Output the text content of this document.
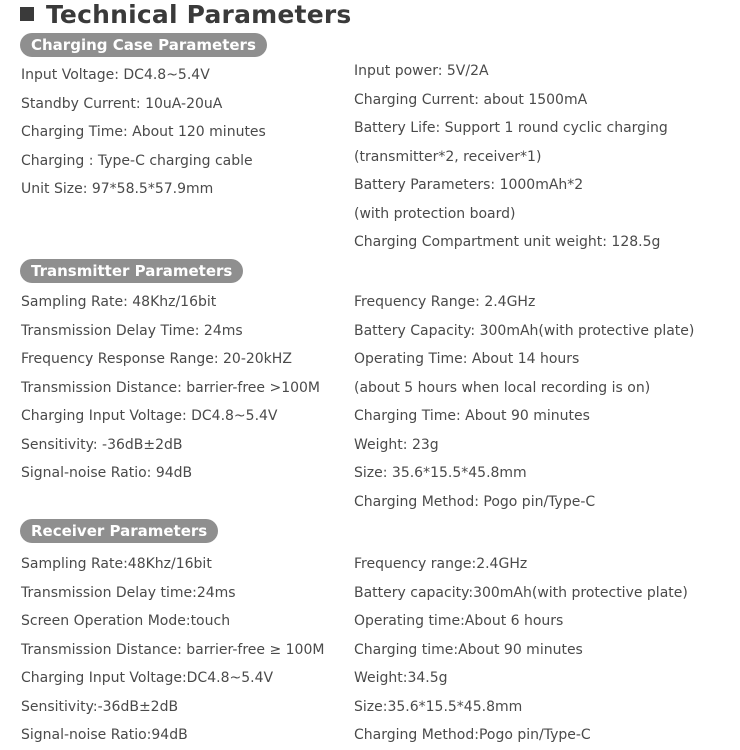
Technical Parameters
Charging Case Parameters
Input Voltage: DC4.8~5.4V
Standby Current: 10uA-20uA
Charging Time: About 120 minutes
Charging : Type-C charging cable
Unit Size: 97*58.5*57.9mm
Input power: 5V/2A
Charging Current: about 1500mA
Battery Life: Support 1 round cyclic charging
(transmitter*2, receiver*1)
Battery Parameters: 1000mAh*2
(with protection board)
Charging Compartment unit weight: 128.5g
Transmitter Parameters
Sampling Rate: 48Khz/16bit
Transmission Delay Time: 24ms
Frequency Response Range: 20-20kHZ
Transmission Distance: barrier-free >100M
Charging Input Voltage: DC4.8~5.4V
Sensitivity: -36dB±2dB
Signal-noise Ratio: 94dB
Frequency Range: 2.4GHz
Battery Capacity: 300mAh(with protective plate)
Operating Time: About 14 hours
(about 5 hours when local recording is on)
Charging Time: About 90 minutes
Weight: 23g
Size: 35.6*15.5*45.8mm
Charging Method: Pogo pin/Type-C
Receiver Parameters
Sampling Rate:48Khz/16bit
Transmission Delay time:24ms
Screen Operation Mode:touch
Transmission Distance: barrier-free ≥ 100M
Charging Input Voltage:DC4.8~5.4V
Sensitivity:-36dB±2dB
Signal-noise Ratio:94dB
Frequency range:2.4GHz
Battery capacity:300mAh(with protective plate)
Operating time:About 6 hours
Charging time:About 90 minutes
Weight:34.5g
Size:35.6*15.5*45.8mm
Charging Method:Pogo pin/Type-C
